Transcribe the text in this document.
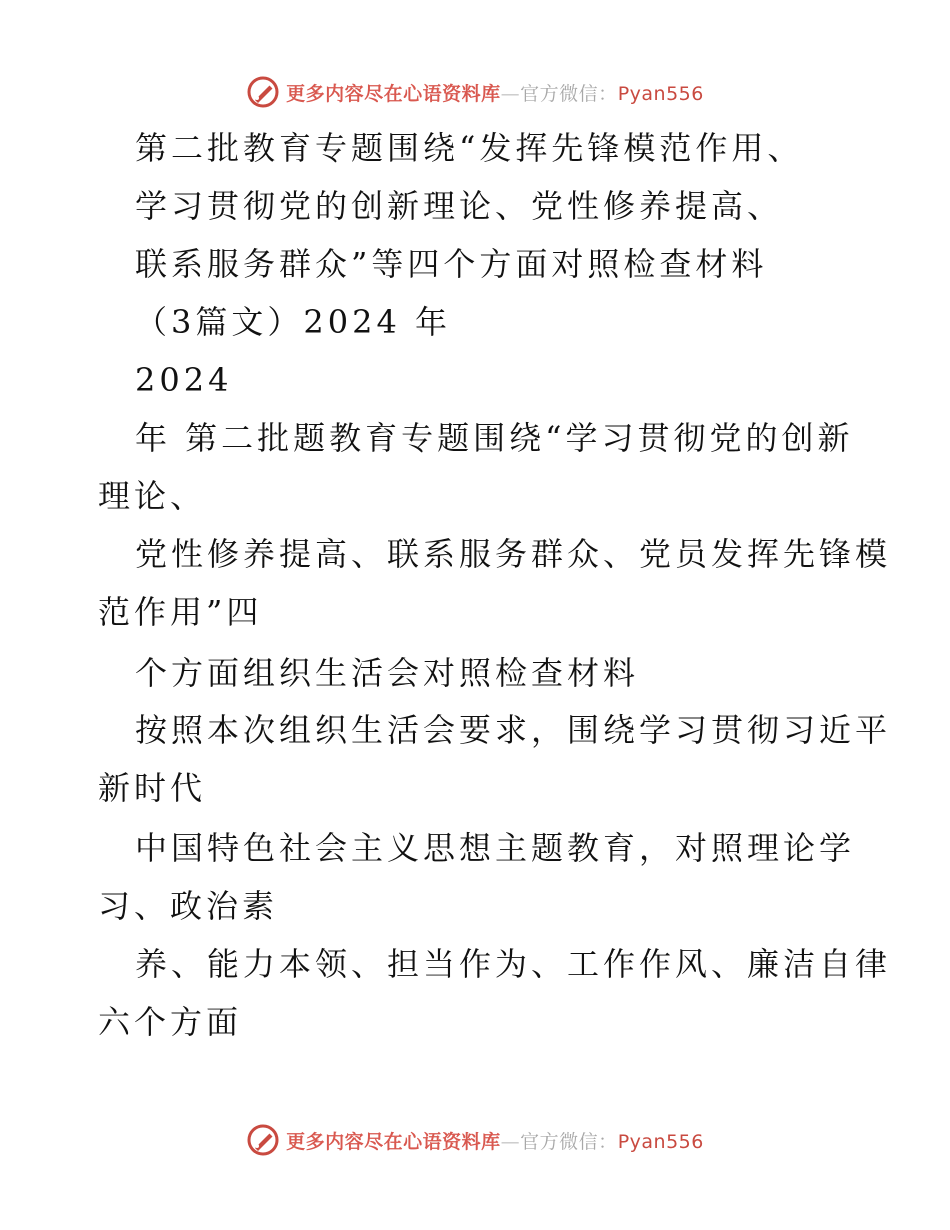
更多内容尽在心语资料库—官方微信：Pyan556
第二批教育专题围绕“发挥先锋模范作用、
学习贯彻党的创新理论、党性修养提高、
联系服务群众”等四个方面对照检查材料
（3篇文）2024 年
2024
年 第二批题教育专题围绕“学习贯彻党的创新
理论、
党性修养提高、联系服务群众、党员发挥先锋模
范作用”四
个方面组织生活会对照检查材料
按照本次组织生活会要求，围绕学习贯彻习近平
新时代
中国特色社会主义思想主题教育，对照理论学
习、政治素
养、能力本领、担当作为、工作作风、廉洁自律
六个方面
更多内容尽在心语资料库—官方微信：Pyan556
